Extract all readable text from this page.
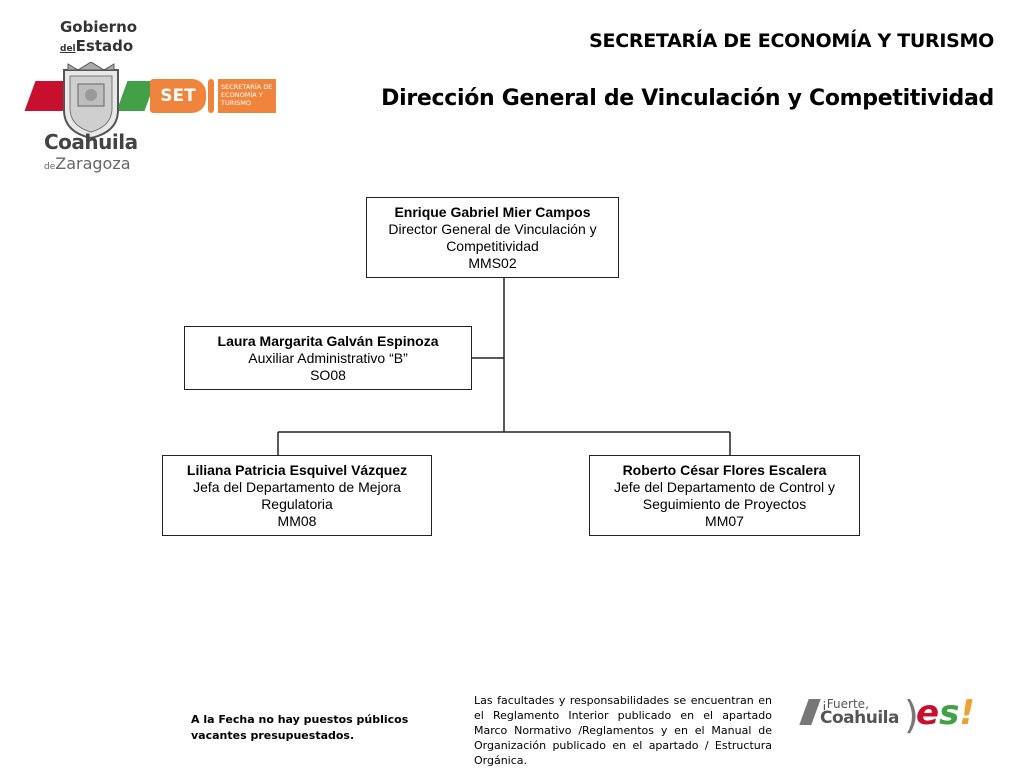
Gobierno
delEstado
Coahuila
deZaragoza
SET	SECRETARÍA DE ECONOMÍA Y TURISMO
SECRETARÍA DE ECONOMÍA Y TURISMO
Dirección General de Vinculación y Competitividad
Enrique Gabriel Mier Campos
Director General de Vinculación y Competitividad
MMS02
Laura Margarita Galván Espinoza
Auxiliar Administrativo “B”
SO08
Liliana Patricia Esquivel Vázquez
Jefa del Departamento de Mejora Regulatoria
MM08
Roberto César Flores Escalera
Jefe del Departamento de Control y Seguimiento de Proyectos
MM07
A la Fecha no hay puestos públicos vacantes presupuestados.
Las facultades y responsabilidades se encuentran en el Reglamento Interior publicado en el apartado Marco Normativo /Reglamentos y en el Manual de Organización publicado en el apartado / Estructura Orgánica.
¡Fuerte,
Coahuila )
es!
